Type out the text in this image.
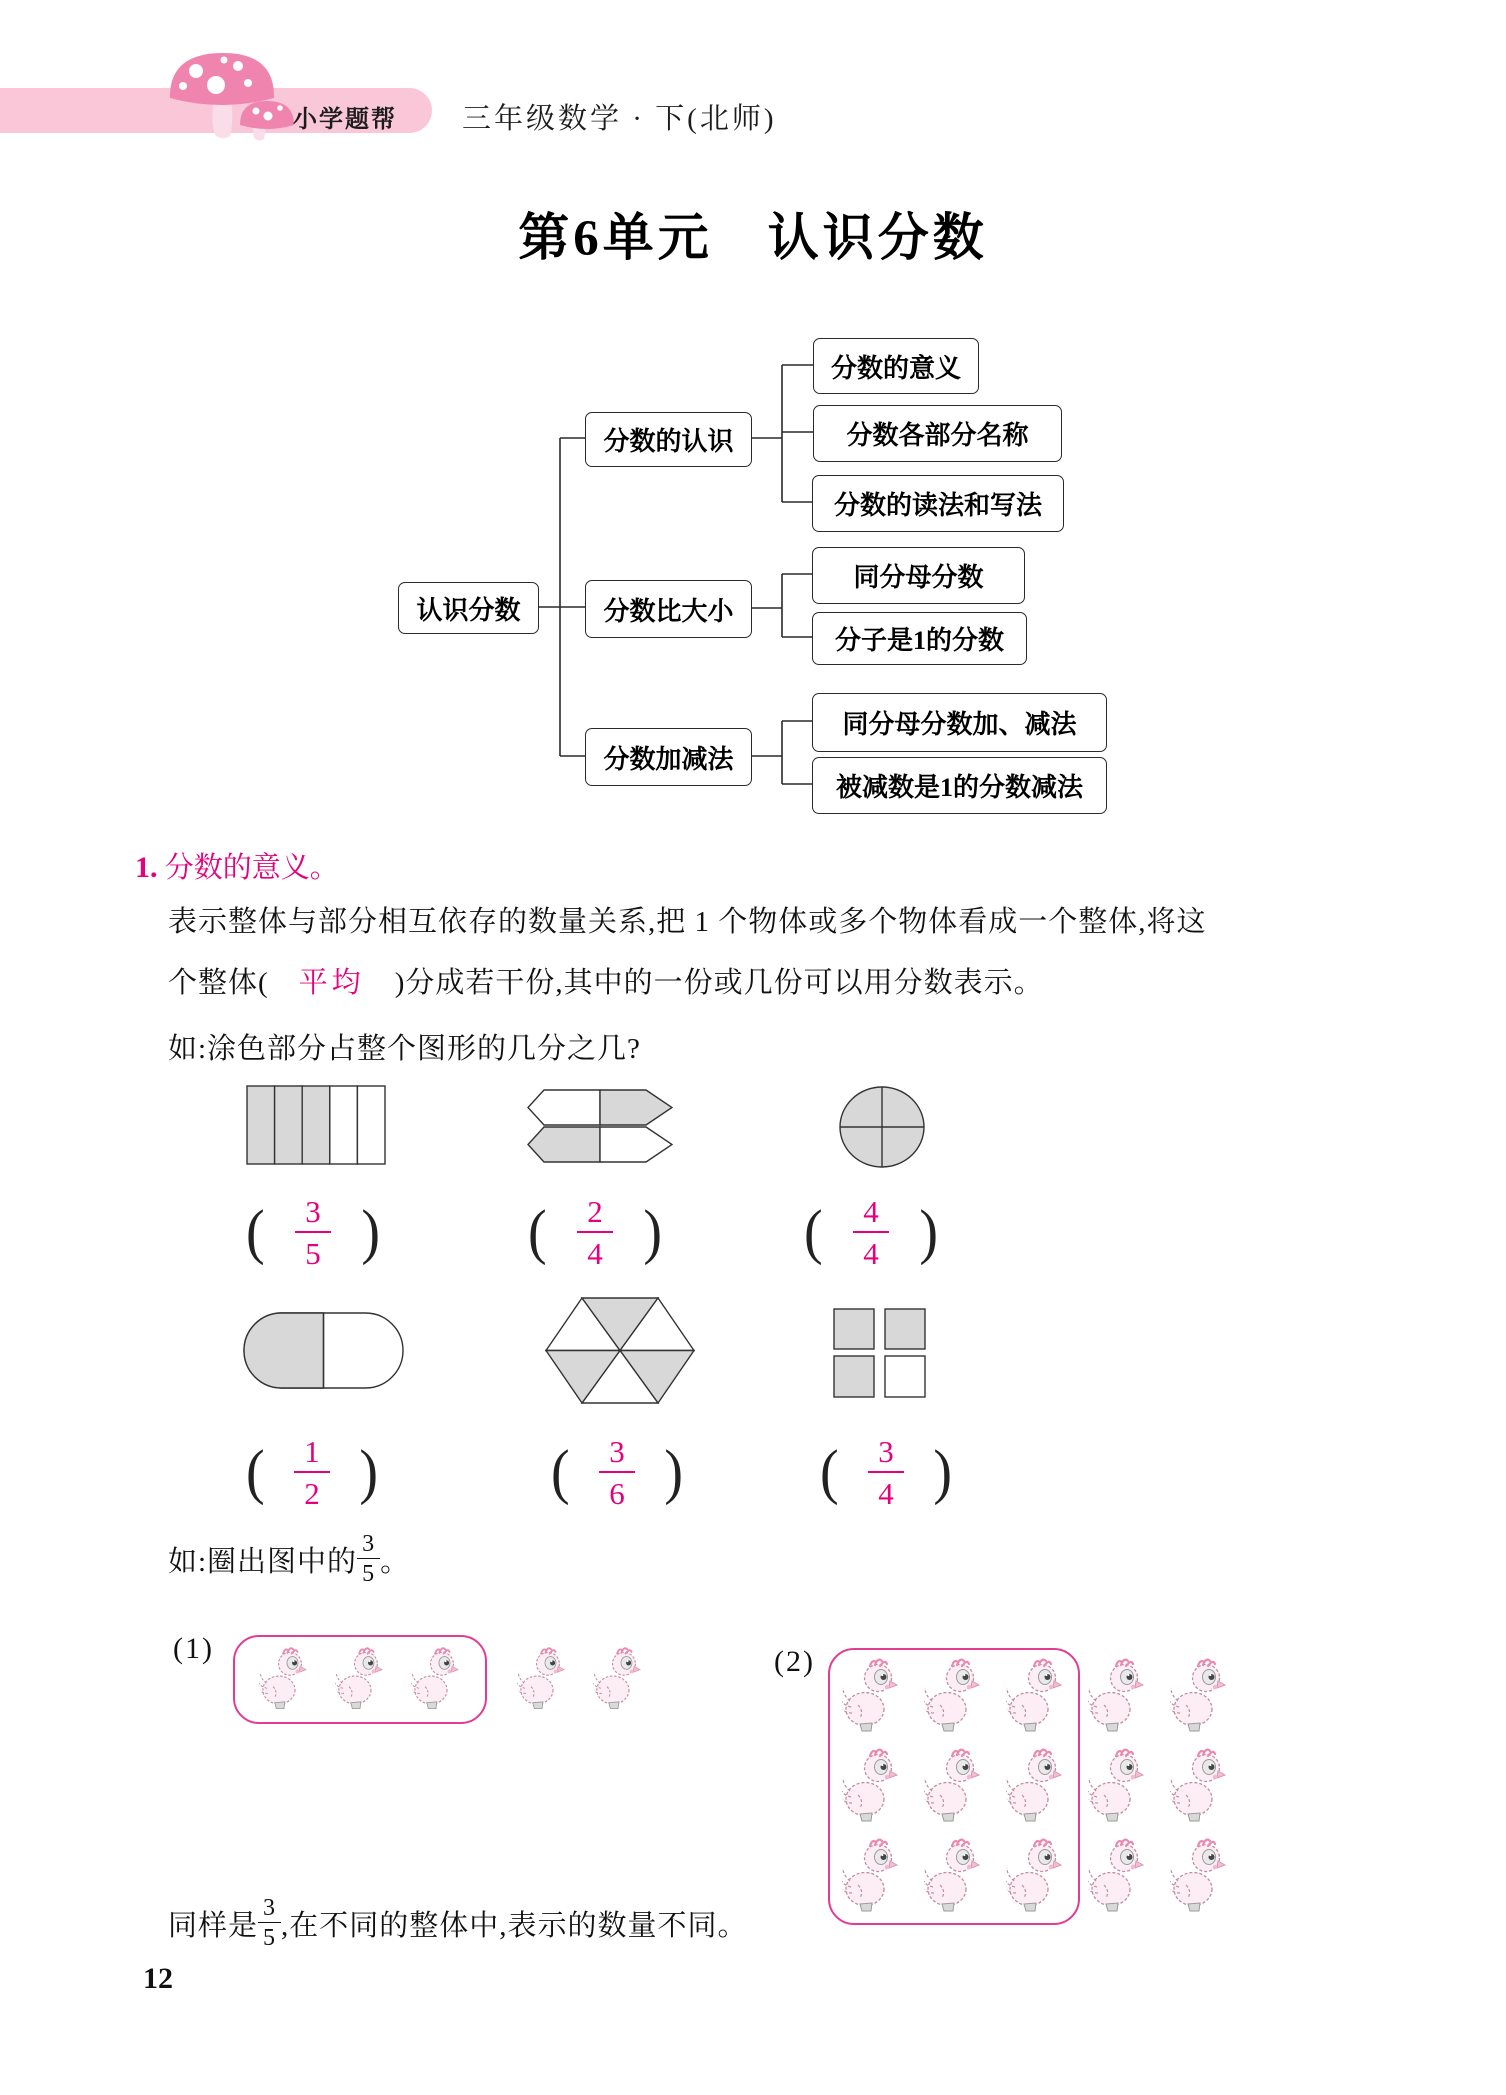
小学题帮 三年级数学 · 下(北师)
第6单元　认识分数
认识分数
分数的认识
分数比大小
分数加减法
分数的意义
分数各部分名称
分数的读法和写法
同分母分数
分子是1的分数
同分母分数加、减法
被减数是1的分数减法
1. 分数的意义。
表示整体与部分相互依存的数量关系,把 1 个物体或多个物体看成一个整体,将这
个整体( 平均 )分成若干份,其中的一份或几份可以用分数表示。
如:涂色部分占整个图形的几分之几?
( $\frac{3}{5}$ )	( $\frac{2}{4}$ )	( $\frac{4}{4}$ )
( $\frac{1}{2}$ )	( $\frac{3}{6}$ ) ( $\frac{3}{4}$ )
如:圈出图中的 $\frac{3}{5}$ 。
(1)	(2)
同样是 $\frac{3}{5}$ ,在不同的整体中,表示的数量不同。
12
